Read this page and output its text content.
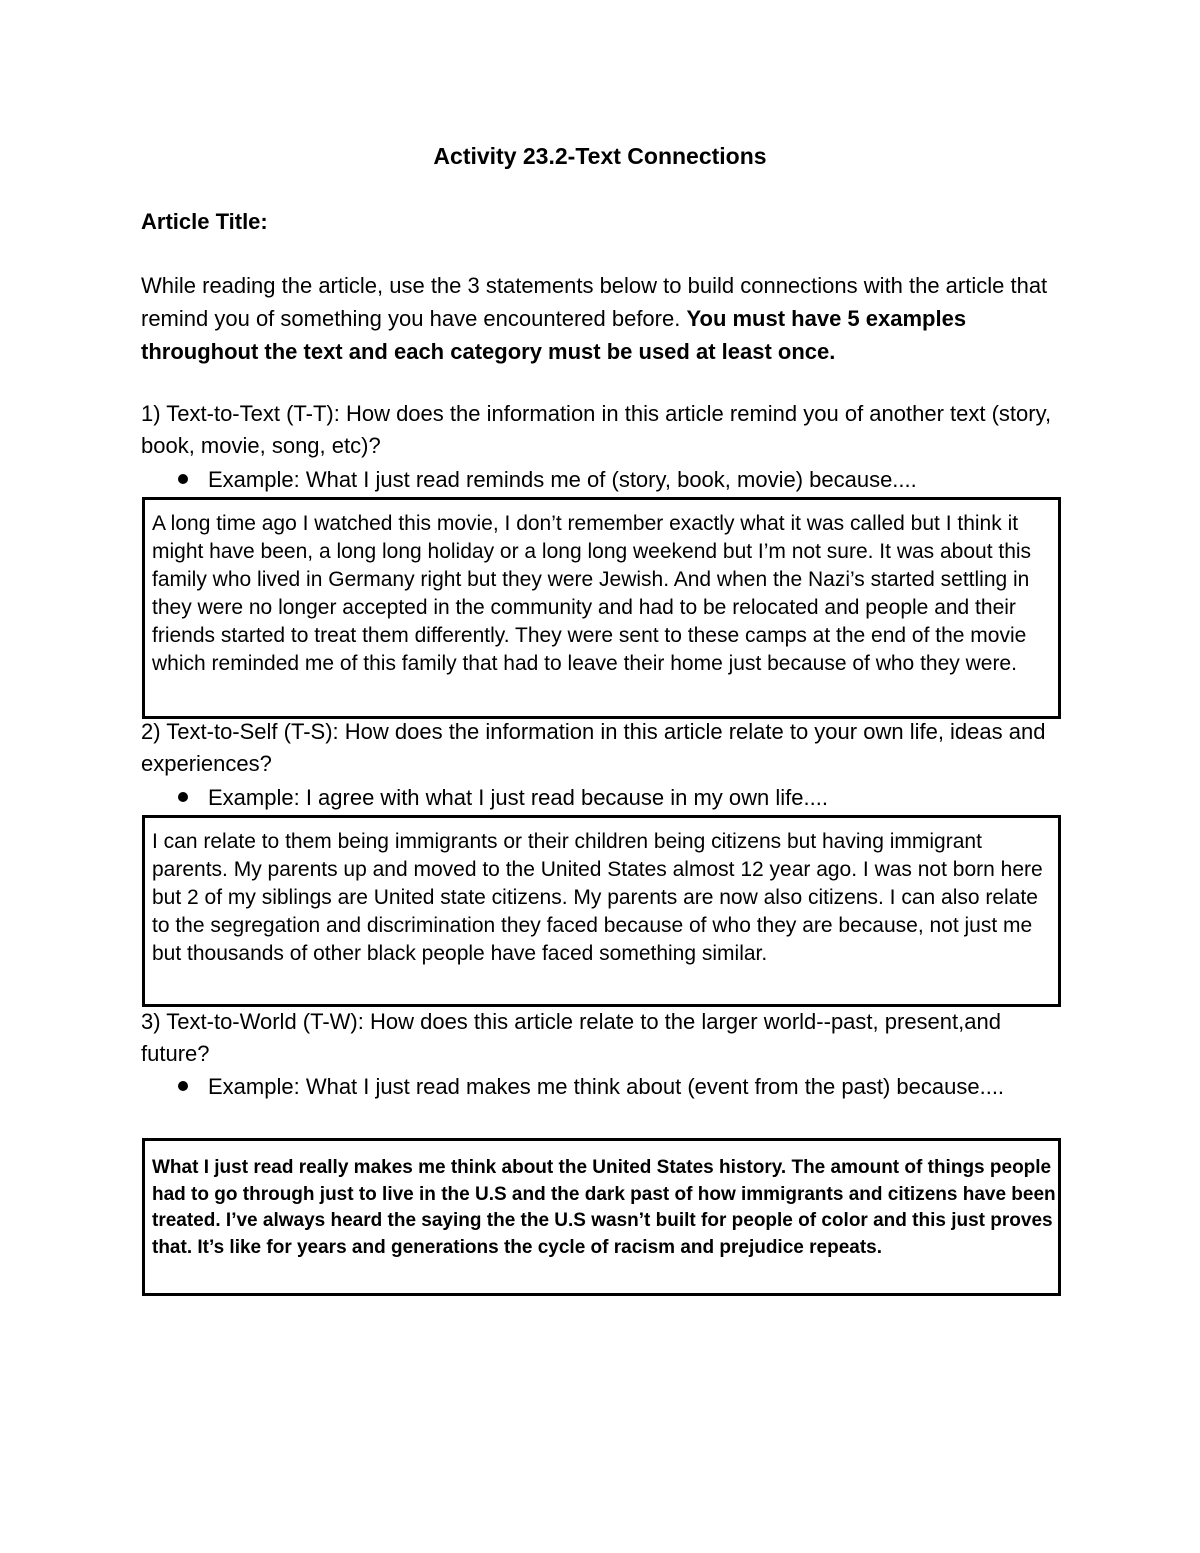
Activity 23.2-Text Connections
Article Title:
While reading the article, use the 3 statements below to build connections with the article that remind you of something you have encountered before. You must have 5 examples throughout the text and each category must be used at least once.
1) Text-to-Text (T-T): How does the information in this article remind you of another text (story, book, movie, song, etc)?
Example: What I just read reminds me of (story, book, movie) because....
A long time ago I watched this movie, I don’t remember exactly what it was called but I think it might have been, a long long holiday or a long long weekend but I’m not sure. It was about this family who lived in Germany right but they were Jewish. And when the Nazi’s started settling in they were no longer accepted in the community and had to be relocated and people and their friends started to treat them differently. They were sent to these camps at the end of the movie which reminded me of this family that had to leave their home just because of who they were.
2) Text-to-Self (T-S): How does the information in this article relate to your own life, ideas and experiences?
Example: I agree with what I just read because in my own life....
I can relate to them being immigrants or their children being citizens but having immigrant parents. My parents up and moved to the United States almost 12 year ago. I was not born here but 2 of my siblings are United state citizens. My parents are now also citizens. I can also relate to the segregation and discrimination they faced because of who they are because, not just me but thousands of other black people have faced something similar.
3) Text-to-World (T-W): How does this article relate to the larger world--past, present,and future?
Example: What I just read makes me think about (event from the past) because....
What I just read really makes me think about the United States history. The amount of things people had to go through just to live in the U.S and the dark past of how immigrants and citizens have been treated. I’ve always heard the saying the the U.S wasn’t built for people of color and this just proves that. It’s like for years and generations the cycle of racism and prejudice repeats.
